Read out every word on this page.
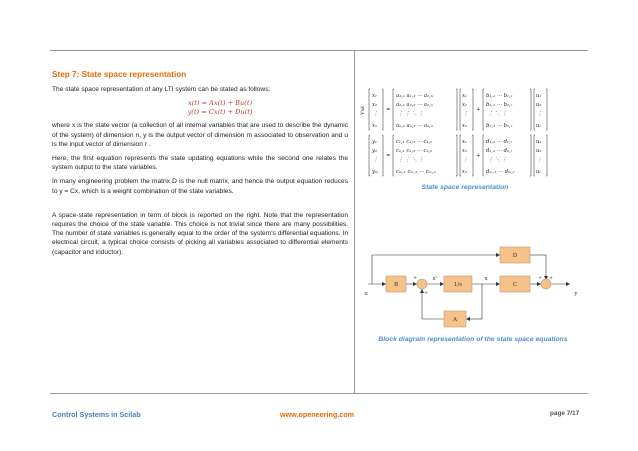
Step 7: State space representation

The state space representation of any LTI system can be stated as follows:

x(t) = Ax(t) + Bu(t)
y(t) = Cx(t) + Du(t)

where x is the state vector (a collection of all internal variables that are used to describe the dynamic of the system) of dimension n, y is the output vector of dimension m associated to observation and u is the input vector of dimension r .

Here, the first equation represents the state updating equations while the second one relates the system output to the state variables.

In many engineering problem the matrix D is the null matrix, and hence the output equation reduces to y = Cx, which is a weight combination of the state variables.

A space-state representation in term of block is reported on the right. Note that the representation requires the choice of the state variable. This choice is not trivial since there are many possibilities. The number of state variables is generally equal to the order of the system's differential equations. In electrical circuit, a typical choice consists of picking all variables associated to differential elements (capacitor and inductor).

Vnk
x₁
x₂
⋮
xₙ
=
a₁,₁ a₁,₂ ⋯ a₁,ₙ
a₂,₁ a₂,₂ ⋯ a₂,ₙ
⋮ ⋮ ⋱ ⋮
aₙ,₁ aₙ,₂ ⋯ aₙ,ₙ
x₁
x₂
⋮
xₙ
+
b₁,₁ ⋯ b₁,ᵣ
b₂,₁ ⋯ b₂,ᵣ
⋮ ⋱ ⋮
bₙ,₁ ⋯ bₙ,ᵣ
u₁
u₂
⋮
uᵣ
y₁
y₂
⋮
yₘ
=
c₁,₁ c₁,₂ ⋯ c₁,ₙ
c₂,₁ c₂,₂ ⋯ c₂,ₙ
⋮ ⋮ ⋱ ⋮
cₘ,₁ cₘ,₂ ⋯ cₘ,ₙ
x₁
x₂
⋮
xₙ
+
d₁,₁ ⋯ d₁,ᵣ
d₂,₁ ⋯ d₂,ᵣ
⋮ ⋱ ⋮
dₘ,₁ ⋯ dₘ,ᵣ
u₁
u₂
⋮
uᵣ
State space representation
B	1/s	C
D
A
u	y
x
x'
+
+
+ +
Block diagram representation of the state space equations
Control Systems in Scilab	www.openeering.com	page 7/17
